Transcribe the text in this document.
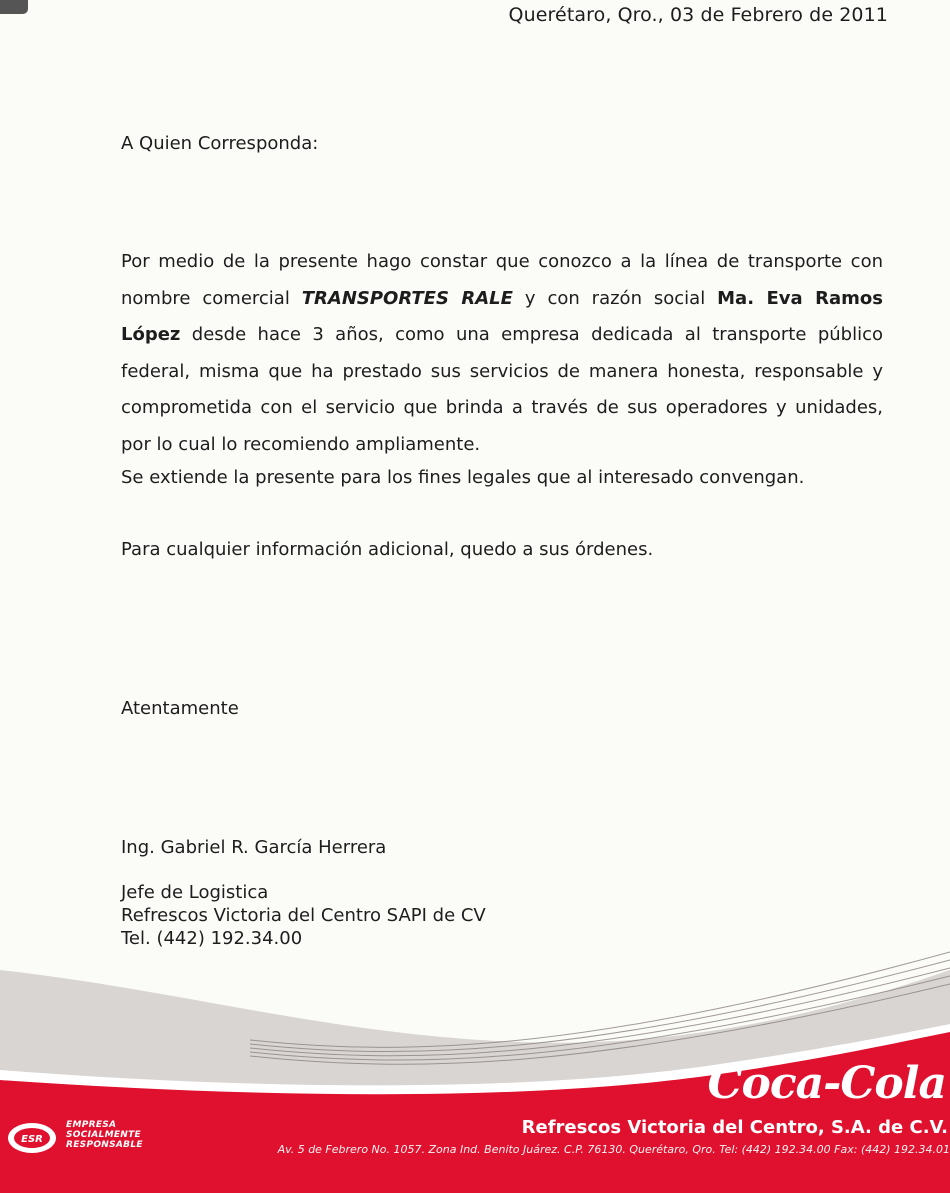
Querétaro, Qro., 03 de Febrero de 2011
A Quien Corresponda:
Por medio de la presente hago constar que conozco a la línea de transporte con nombre comercial TRANSPORTES RALE y con razón social Ma. Eva Ramos López desde hace 3 años, como una empresa dedicada al transporte público federal, misma que ha prestado sus servicios de manera honesta, responsable y comprometida con el servicio que brinda a través de sus operadores y unidades, por lo cual lo recomiendo ampliamente.
Se extiende la presente para los fines legales que al interesado convengan.
Para cualquier información adicional, quedo a sus órdenes.
Atentamente
Ing. Gabriel R. García Herrera
Jefe de Logistica
Refrescos Victoria del Centro SAPI de CV
Tel. (442) 192.34.00
ESR
EMPRESA
SOCIALMENTE
RESPONSABLE
Coca-Cola
Refrescos Victoria del Centro, S.A. de C.V.
Av. 5 de Febrero No. 1057. Zona Ind. Benito Juárez. C.P. 76130. Querétaro, Qro. Tel: (442) 192.34.00 Fax: (442) 192.34.01
